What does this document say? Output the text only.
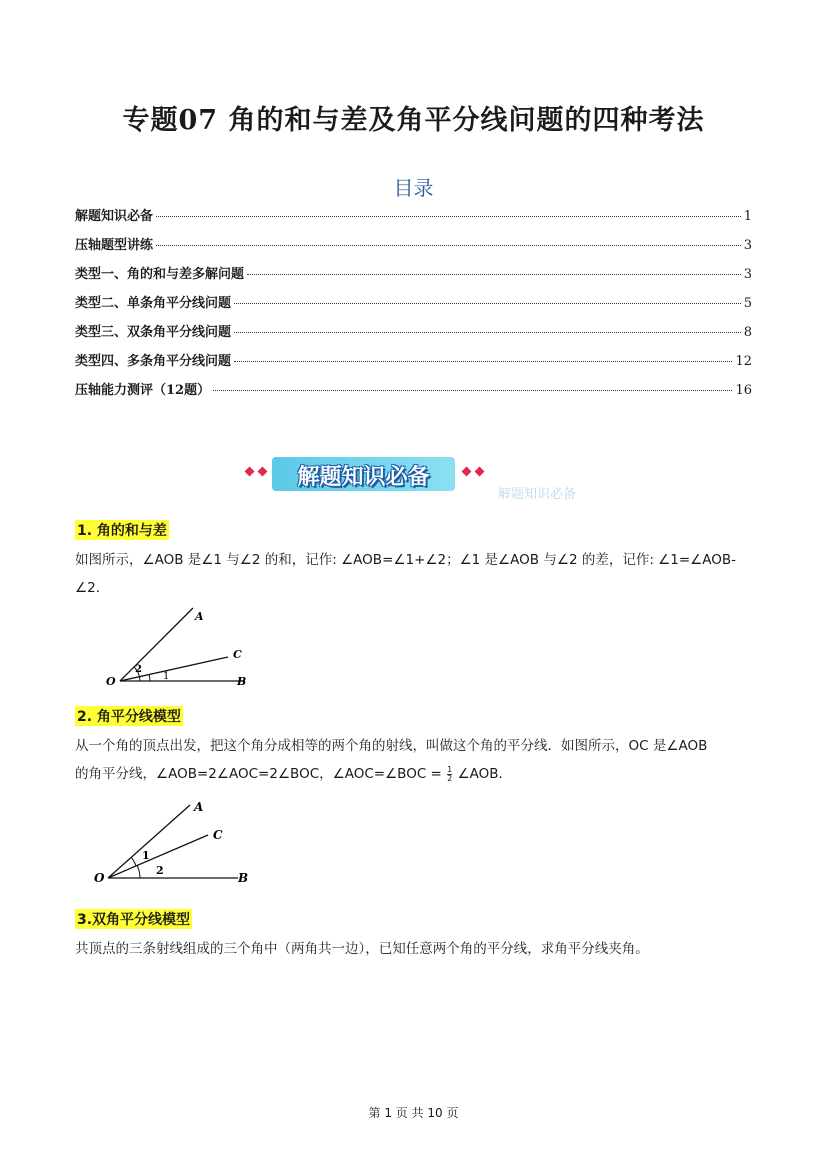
专题07 角的和与差及角平分线问题的四种考法
目录
解题知识必备	1
压轴题型讲练	3
类型一、角的和与差多解问题	3
类型二、单条角平分线问题	5
类型三、双条角平分线问题	8
类型四、多条角平分线问题	12
压轴能力测评（12题）	16
解题知识必备
解题知识必备
1. 角的和与差
如图所示，∠AOB 是∠1 与∠2 的和，记作: ∠AOB=∠1+∠2；∠1 是∠AOB 与∠2 的差，记作: ∠1=∠AOB-
∠2．
A
C
O	B
2
1
2. 角平分线模型
从一个角的顶点出发，把这个角分成相等的两个角的射线，叫做这个角的平分线．如图所示，OC 是∠AOB
的角平分线，∠AOB=2∠AOC=2∠BOC，∠AOC=∠BOC = $\frac{1}{2}$ ∠AOB．
A
C
O	B
1
2
3.双角平分线模型
共顶点的三条射线组成的三个角中（两角共一边），已知任意两个角的平分线，求角平分线夹角。
第 1 页 共 10 页
